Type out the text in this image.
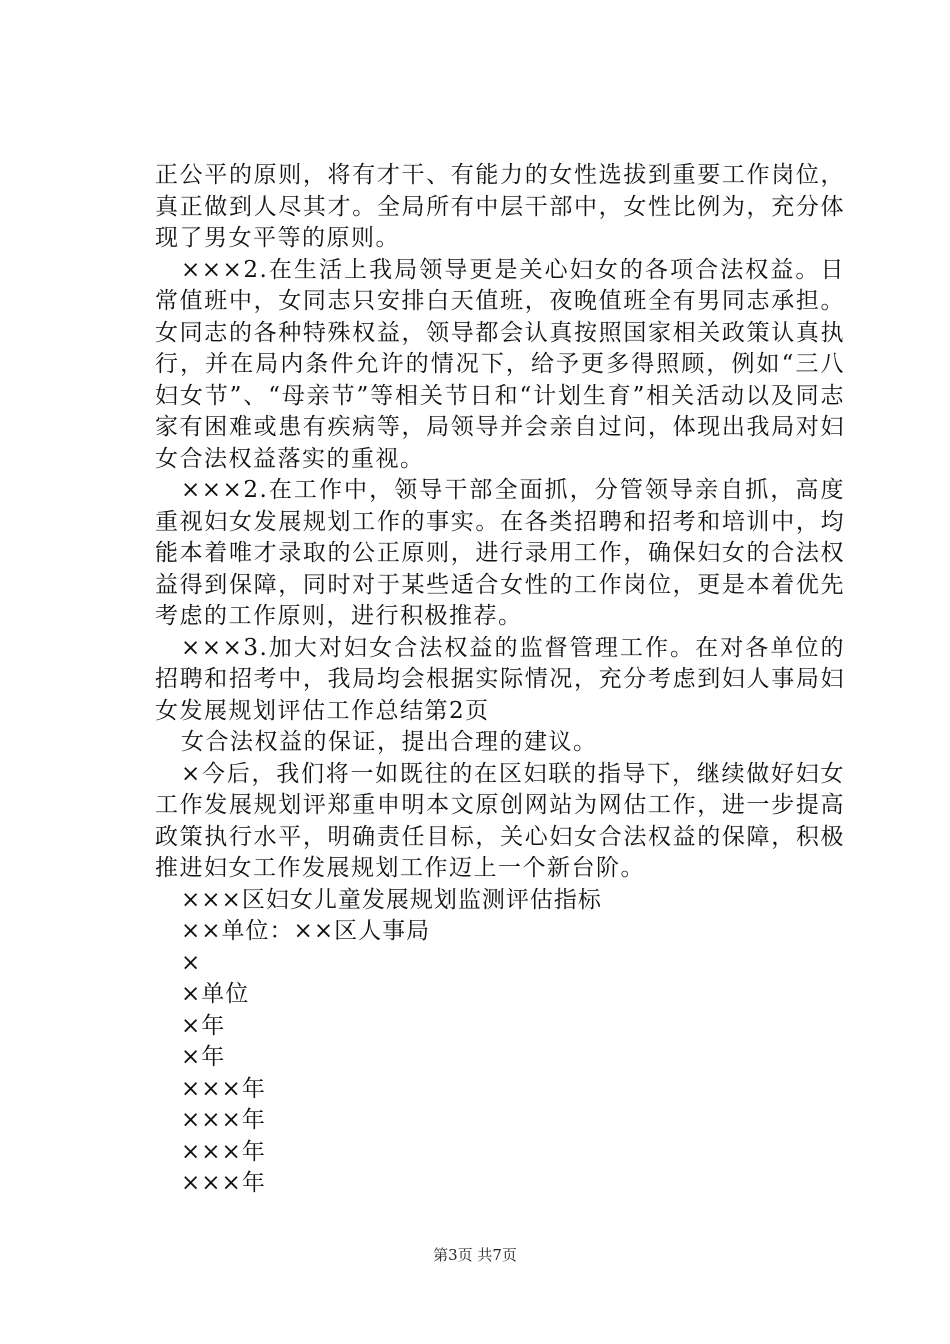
正公平的原则，将有才干、有能力的女性选拔到重要工作岗位，真正做到人尽其才。全局所有中层干部中，女性比例为，充分体现了男女平等的原则。

×××2.在生活上我局领导更是关心妇女的各项合法权益。日常值班中，女同志只安排白天值班，夜晚值班全有男同志承担。女同志的各种特殊权益，领导都会认真按照国家相关政策认真执行，并在局内条件允许的情况下，给予更多得照顾，例如“三八妇女节”、“母亲节”等相关节日和“计划生育”相关活动以及同志家有困难或患有疾病等，局领导并会亲自过问，体现出我局对妇女合法权益落实的重视。

×××2.在工作中，领导干部全面抓，分管领导亲自抓，高度重视妇女发展规划工作的事实。在各类招聘和招考和培训中，均能本着唯才录取的公正原则，进行录用工作，确保妇女的合法权益得到保障，同时对于某些适合女性的工作岗位，更是本着优先考虑的工作原则，进行积极推荐。

×××3.加大对妇女合法权益的监督管理工作。在对各单位的招聘和招考中，我局均会根据实际情况，充分考虑到妇人事局妇女发展规划评估工作总结第2页

女合法权益的保证，提出合理的建议。

×今后，我们将一如既往的在区妇联的指导下，继续做好妇女工作发展规划评郑重申明本文原创网站为网估工作，进一步提高政策执行水平，明确责任目标，关心妇女合法权益的保障，积极推进妇女工作发展规划工作迈上一个新台阶。

×××区妇女儿童发展规划监测评估指标

××单位：××区人事局

×

×单位

×年

×年

×××年

×××年

×××年

×××年

第3页 共7页
